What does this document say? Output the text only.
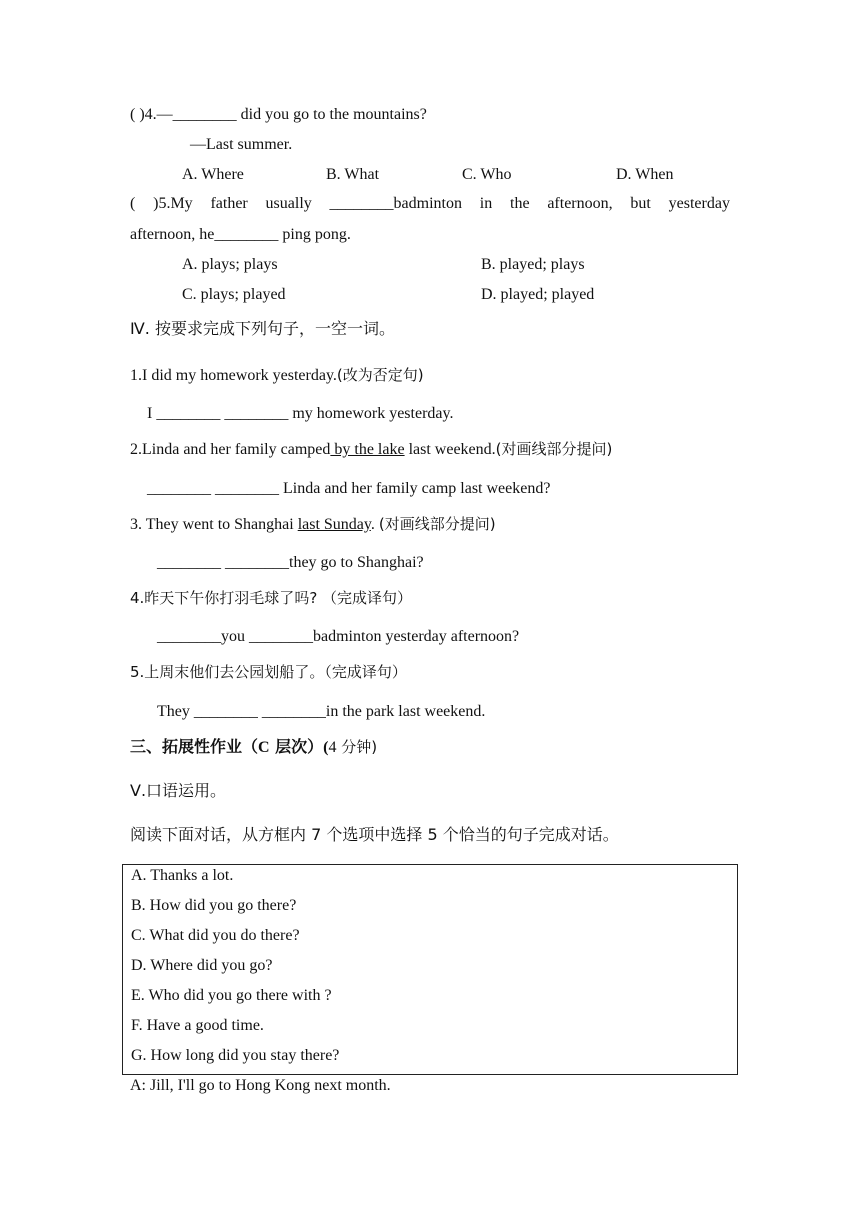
( )4.—________ did you go to the mountains?
—Last summer.
A. Where	B. What	C. Who	D. When
( )5.My father usually ________badminton in the afternoon, but yesterday
afternoon, he________ ping pong.
A. plays; plays	B. played; plays
C. plays; played	D. played; played
Ⅳ. 按要求完成下列句子，一空一词。
1.I did my homework yesterday.(改为否定句)
I ________ ________ my homework yesterday.
2.Linda and her family camped by the lake last weekend.(对画线部分提问)
________ ________ Linda and her family camp last weekend?
3. They went to Shanghai last Sunday. (对画线部分提问)
________ ________they go to Shanghai?
4.昨天下午你打羽毛球了吗? （完成译句）
________you ________badminton yesterday afternoon?
5.上周末他们去公园划船了。（完成译句）
They ________ ________in the park last weekend.
三、拓展性作业（C 层次）(4 分钟)
Ⅴ.口语运用。
阅读下面对话，从方框内 7 个选项中选择 5 个恰当的句子完成对话。
A. Thanks a lot.
B. How did you go there?
C. What did you do there?
D. Where did you go?
E. Who did you go there with ?
F. Have a good time.
G. How long did you stay there?
A: Jill, I'll go to Hong Kong next month.
